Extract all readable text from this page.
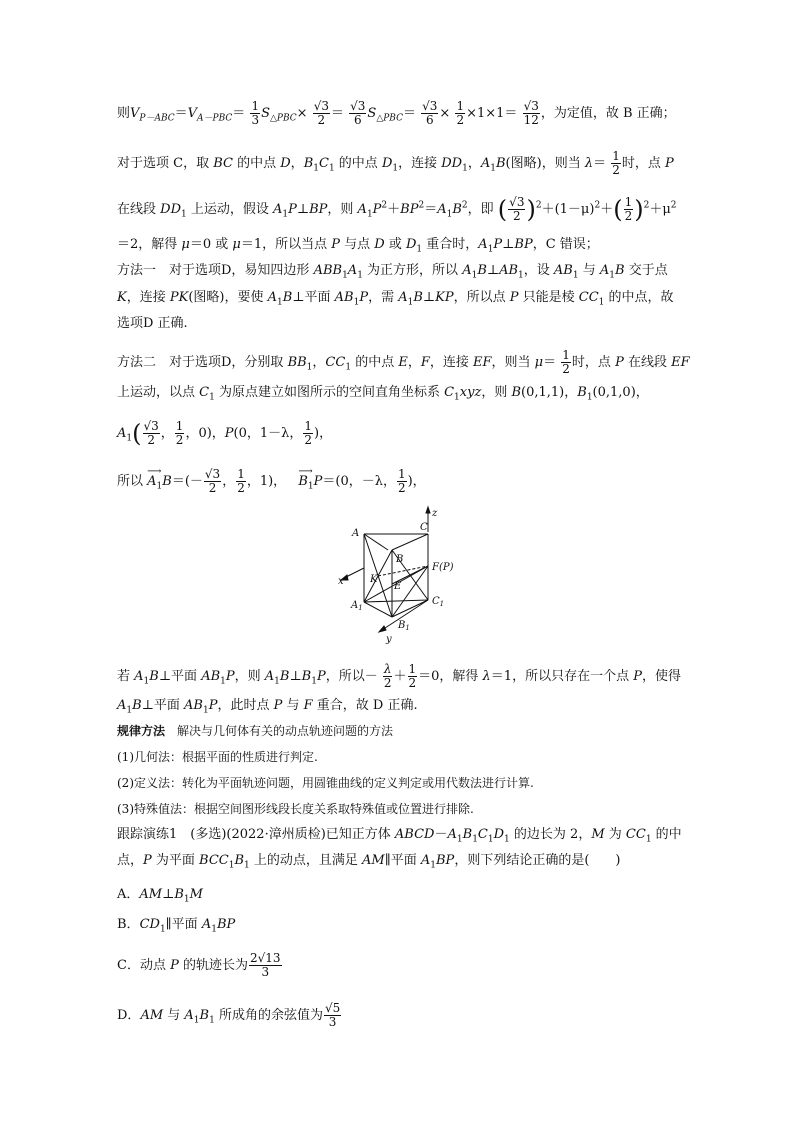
则$V_{P-ABC}=V_{A-PBC}= \frac{1}{3} S_{\triangle PBC}\times \frac{√3}{2} = \frac{√3}{6} S_{\triangle PBC}= \frac{√3}{6} \times \frac{1}{2} \times 1\times 1= \frac{√3}{12}$ ，为定值，故 B 正确；
对于选项 C，取 BC 的中点 D，$B_1C_1$ 的中点 $D_1$，连接 $DD_1$，$A_1B$(图略)，则当 $\lambda= \frac{1}{2}$ 时，点 P
在线段 $DD_1$ 上运动，假设 $A_1P\perp BP$，则 $A_1P^2+BP^2=A_1B^2$，即 ( $\frac{√3}{2} )^2+(1-\mu)^2+( \frac{1}{2} )^2+\mu^2$
＝2，解得 μ＝0 或 μ＝1，所以当点 P 与点 D 或 $D_1$ 重合时，$A_1P\perp BP$，C 错误；
方法一　对于选项D，易知四边形 $ABB_1A_1$ 为正方形，所以 $A_1B\perp AB_1$，设 $AB_1$ 与 $A_1B$ 交于点
K，连接 PK(图略)，要使 $A_1B\perp$平面 $AB_1P$，需 $A_1B\perp KP$，所以点 P 只能是棱 $CC_1$ 的中点，故
选项D 正确.
方法二　对于选项D，分别取 $BB_1$，$CC_1$ 的中点 E，F，连接 EF，则当 $\mu= \frac{1}{2}$ 时，点 P 在线段 EF
上运动，以点 $C_1$ 为原点建立如图所示的空间直角坐标系 $C_1xyz$，则 B(0,1,1)，$B_1(0,1,0)$，
$A_1( \frac{√3}{2}$ ， $\frac{1}{2}$ ，0)，P(0，1－λ， $\frac{1}{2}$ )，
所以
⟶
$A_1B=(- \frac{√3}{2}$ ， $\frac{1}{2}$ ，1)，
⟶
$B_1P=(0$，－λ， $\frac{1}{2}$ )，
z
C
A
B
F(P)
x	K
E
$A_1$
$C_1$
$B_1$
y
若 $A_1B\perp$平面 $AB_1P$，则 $A_1B\perp B_1P$，所以－ $\frac{\lambda}{2} + \frac{1}{2} =0$，解得 λ＝1，所以只存在一个点 P，使得
$A_1B\perp$平面 $AB_1P$，此时点 P 与 F 重合，故 D 正确.
规律方法　解决与几何体有关的动点轨迹问题的方法
(1)几何法：根据平面的性质进行判定.
(2)定义法：转化为平面轨迹问题，用圆锥曲线的定义判定或用代数法进行计算.
(3)特殊值法：根据空间图形线段长度关系取特殊值或位置进行排除.
跟踪演练1　(多选)(2022·漳州质检)已知正方体 $ABCD-A_1B_1C_1D_1$ 的边长为 2，M 为 $CC_1$ 的中
点，P 为平面 $BCC_1B_1$ 上的动点，且满足 AM∥平面 $A_1BP$，则下列结论正确的是(　　)
A．$AM\perp B_1M$
B．$CD_1\parallel$平面 $A_1BP$
C．动点 P 的轨迹长为 $\frac{2√13}{3}$
D．AM 与 $A_1B_1$ 所成角的余弦值为 $\frac{√5}{3}$
